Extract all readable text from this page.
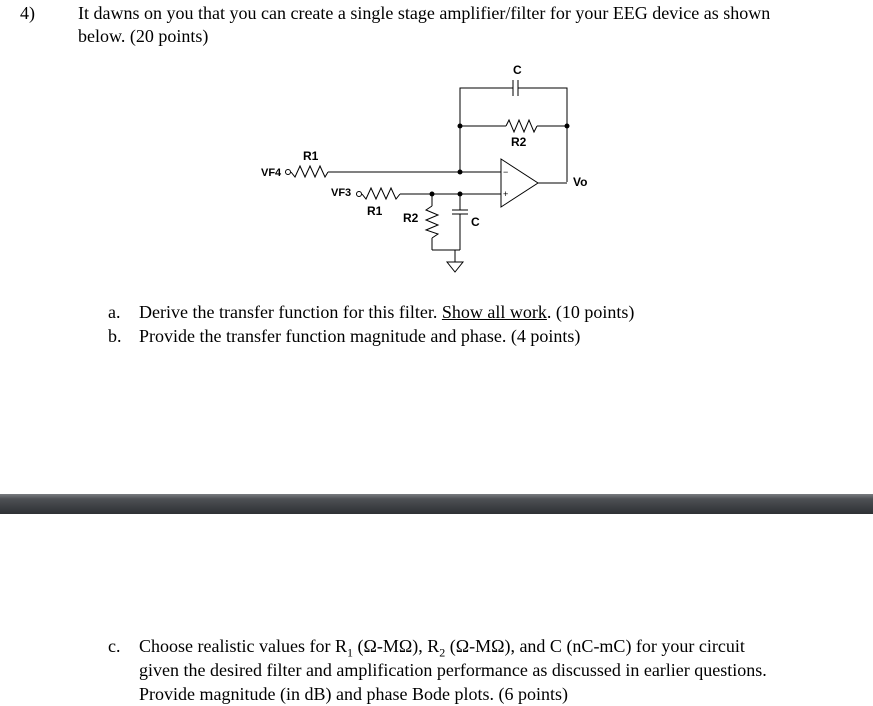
4) It dawns on you that you can create a single stage amplifier/filter for your EEG device as shown
below. (20 points)
−
+
C
R2
R1
VF4
VF3
R1 R2	C
Vo
a. Derive the transfer function for this filter. Show all work. (10 points)
b. Provide the transfer function magnitude and phase. (4 points)
c. Choose realistic values for $R_1$ (Ω-MΩ), $R_2$ (Ω-MΩ), and C (nC-mC) for your circuit
given the desired filter and amplification performance as discussed in earlier questions.
Provide magnitude (in dB) and phase Bode plots. (6 points)
